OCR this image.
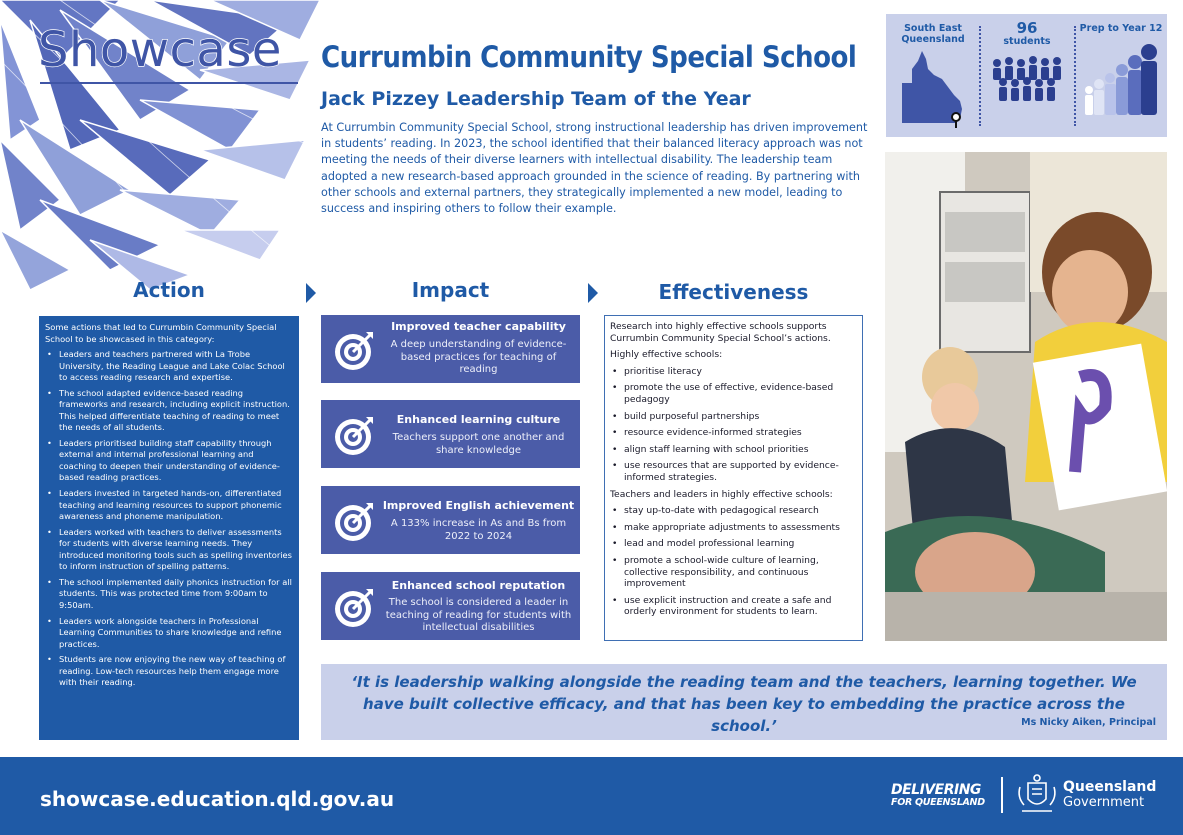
Showcase Currumbin Community Special School
Jack Pizzey Leadership Team of the Year

At Currumbin Community Special School, strong instructional leadership has driven improvement in students’ reading. In 2023, the school identified that their balanced literacy approach was not meeting the needs of their diverse learners with intellectual disability. The leadership team adopted a new research-based approach grounded in the science of reading. By partnering with other schools and external partners, they strategically implemented a new model, leading to success and inspiring others to follow their example.

South East
Queensland
96
students
Prep to Year 12
Action	Impact	Effectiveness

Some actions that led to Currumbin Community Special School to be showcased in this category:

• Leaders and teachers partnered with La Trobe University, the Reading League and Lake Colac School to access reading research and expertise.
• The school adapted evidence-based reading frameworks and research, including explicit instruction. This helped differentiate teaching of reading to meet the needs of all students.
• Leaders prioritised building staff capability through external and internal professional learning and coaching to deepen their understanding of evidence-based reading practices.
• Leaders invested in targeted hands-on, differentiated teaching and learning resources to support phonemic awareness and phoneme manipulation.
• Leaders worked with teachers to deliver assessments for students with diverse learning needs. They introduced monitoring tools such as spelling inventories to inform instruction of spelling patterns.
• The school implemented daily phonics instruction for all students. This was protected time from 9:00am to 9:50am.
• Leaders work alongside teachers in Professional Learning Communities to share knowledge and refine practices.
• Students are now enjoying the new way of teaching of reading. Low-tech resources help them engage more with their reading.
Improved teacher capability
A deep understanding of evidence-based practices for teaching of reading
Enhanced learning culture
Teachers support one another and share knowledge
Improved English achievement
A 133% increase in As and Bs from 2022 to 2024
Enhanced school reputation
The school is considered a leader in teaching of reading for students with intellectual disabilities

Research into highly effective schools supports Currumbin Community Special School’s actions.

Highly effective schools:

• prioritise literacy
• promote the use of effective, evidence-based pedagogy
• build purposeful partnerships
• resource evidence-informed strategies
• align staff learning with school priorities
• use resources that are supported by evidence-informed strategies.

Teachers and leaders in highly effective schools:

• stay up-to-date with pedagogical research
• make appropriate adjustments to assessments
• lead and model professional learning
• promote a school-wide culture of learning, collective responsibility, and continuous improvement
• use explicit instruction and create a safe and orderly environment for students to learn.
‘It is leadership walking alongside the reading team and the teachers, learning together. We have built collective efficacy, and that has been key to embedding the practice across the school.’	Ms Nicky Aiken, Principal
showcase.education.qld.gov.au	DELIVERING
FOR QUEENSLAND
Queensland
Government
